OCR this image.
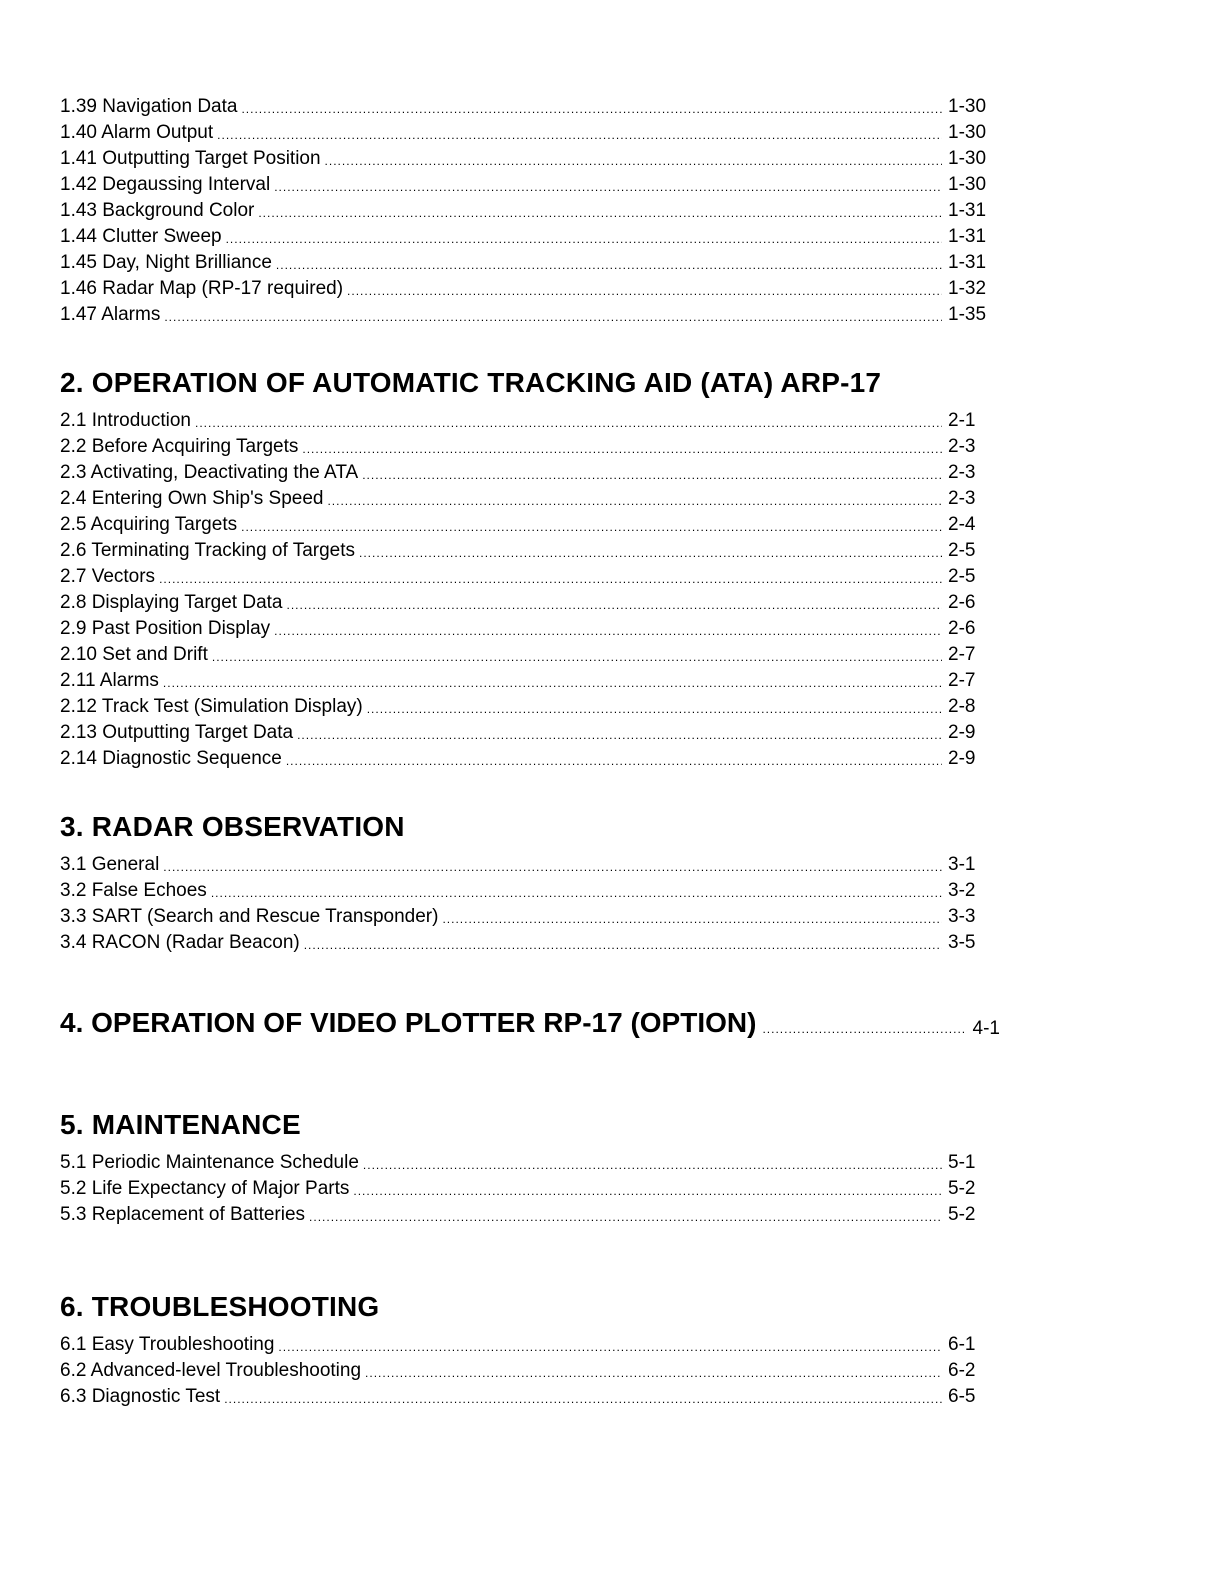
1.39 Navigation Data .....	1-30
1.40 Alarm Output .....	1-30
1.41 Outputting Target Position .....	1-30
1.42 Degaussing Interval .....	1-30
1.43 Background Color .....	1-31
1.44 Clutter Sweep .....	1-31
1.45 Day, Night Brilliance .....	1-31
1.46 Radar Map (RP-17 required) .....	1-32
1.47 Alarms .....	1-35
2. OPERATION OF AUTOMATIC TRACKING AID (ATA) ARP-17
2.1 Introduction .....	2-1
2.2 Before Acquiring Targets .....	2-3
2.3 Activating, Deactivating the ATA .....	2-3
2.4 Entering Own Ship's Speed .....	2-3
2.5 Acquiring Targets .....	2-4
2.6 Terminating Tracking of Targets .....	2-5
2.7 Vectors .....	2-5
2.8 Displaying Target Data .....	2-6
2.9 Past Position Display .....	2-6
2.10 Set and Drift .....	2-7
2.11 Alarms .....	2-7
2.12 Track Test (Simulation Display) .....	2-8
2.13 Outputting Target Data .....	2-9
2.14 Diagnostic Sequence .....	2-9
3. RADAR OBSERVATION
3.1 General .....	3-1
3.2 False Echoes .....	3-2
3.3 SART (Search and Rescue Transponder) .....	3-3
3.4 RACON (Radar Beacon) .....	3-5
4. OPERATION OF VIDEO PLOTTER RP-17 (OPTION) .....	4-1
5. MAINTENANCE
5.1 Periodic Maintenance Schedule .....	5-1
5.2 Life Expectancy of Major Parts .....	5-2
5.3 Replacement of Batteries .....	5-2
6. TROUBLESHOOTING
6.1 Easy Troubleshooting .....	6-1
6.2 Advanced-level Troubleshooting .....	6-2
6.3 Diagnostic Test .....	6-5
